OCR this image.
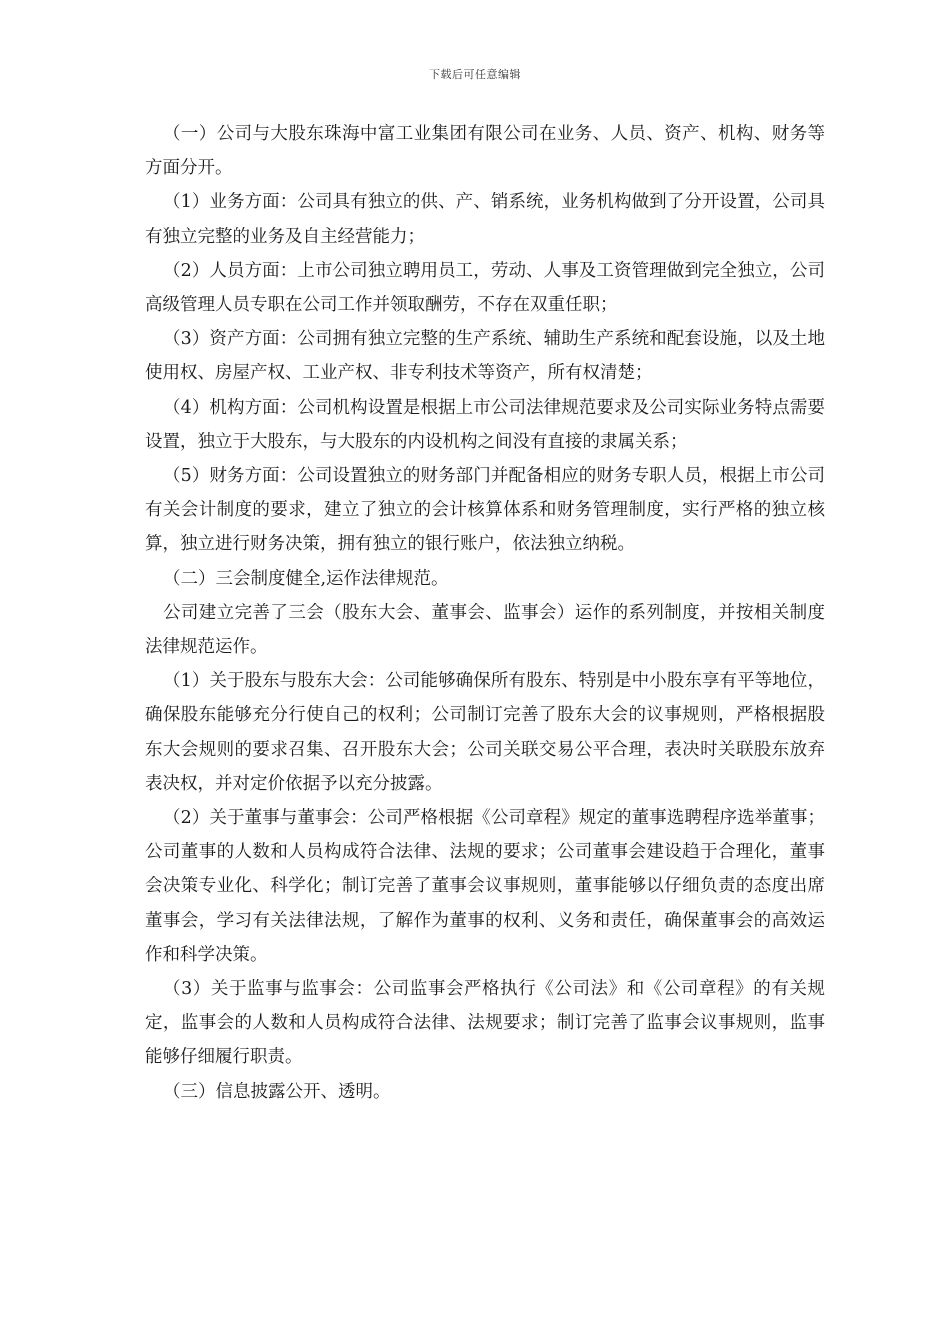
下载后可任意编辑

（一）公司与大股东珠海中富工业集团有限公司在业务、人员、资产、机构、财务等方面分开。

（1）业务方面：公司具有独立的供、产、销系统，业务机构做到了分开设置，公司具有独立完整的业务及自主经营能力；

（2）人员方面：上市公司独立聘用员工，劳动、人事及工资管理做到完全独立，公司高级管理人员专职在公司工作并领取酬劳，不存在双重任职；

（3）资产方面：公司拥有独立完整的生产系统、辅助生产系统和配套设施，以及土地使用权、房屋产权、工业产权、非专利技术等资产，所有权清楚；

（4）机构方面：公司机构设置是根据上市公司法律规范要求及公司实际业务特点需要设置，独立于大股东，与大股东的内设机构之间没有直接的隶属关系；

（5）财务方面：公司设置独立的财务部门并配备相应的财务专职人员，根据上市公司有关会计制度的要求，建立了独立的会计核算体系和财务管理制度，实行严格的独立核算，独立进行财务决策，拥有独立的银行账户，依法独立纳税。

（二）三会制度健全,运作法律规范。

公司建立完善了三会（股东大会、董事会、监事会）运作的系列制度，并按相关制度法律规范运作。

（1）关于股东与股东大会：公司能够确保所有股东、特别是中小股东享有平等地位，确保股东能够充分行使自己的权利；公司制订完善了股东大会的议事规则，严格根据股东大会规则的要求召集、召开股东大会；公司关联交易公平合理，表决时关联股东放弃表决权，并对定价依据予以充分披露。

（2）关于董事与董事会：公司严格根据《公司章程》规定的董事选聘程序选举董事；公司董事的人数和人员构成符合法律、法规的要求；公司董事会建设趋于合理化，董事会决策专业化、科学化；制订完善了董事会议事规则，董事能够以仔细负责的态度出席董事会，学习有关法律法规，了解作为董事的权利、义务和责任，确保董事会的高效运作和科学决策。

（3）关于监事与监事会：公司监事会严格执行《公司法》和《公司章程》的有关规定，监事会的人数和人员构成符合法律、法规要求；制订完善了监事会议事规则，监事能够仔细履行职责。

（三）信息披露公开、透明。
